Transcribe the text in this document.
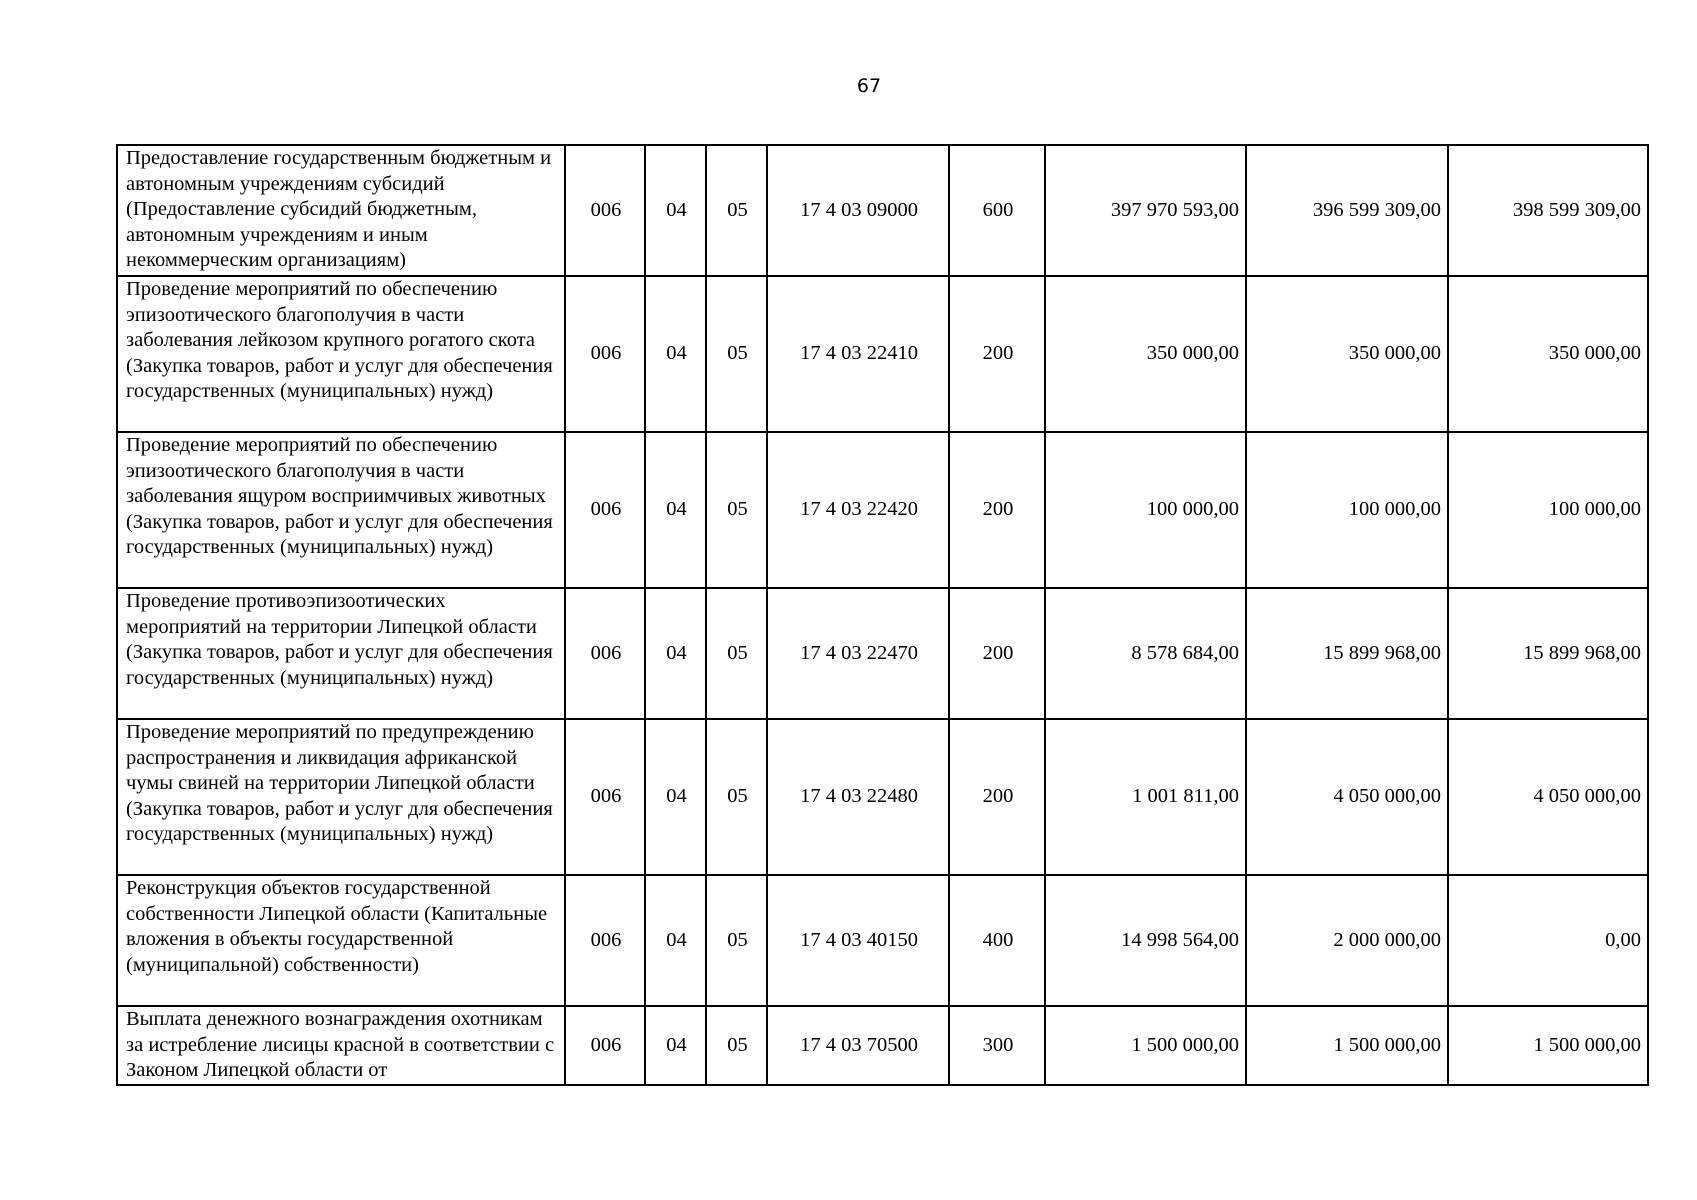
67
Предоставление государственным бюджетным и автономным учреждениям субсидий (Предоставление субсидий бюджетным, автономным учреждениям и иным некоммерческим организациям)	006	04	05	17 4 03 09000	600	397 970 593,00	396 599 309,00	398 599 309,00
Проведение мероприятий по обеспечению эпизоотического благополучия в части заболевания лейкозом крупного рогатого скота (Закупка товаров, работ и услуг для обеспечения государственных (муниципальных) нужд)	006	04	05	17 4 03 22410	200	350 000,00	350 000,00	350 000,00
Проведение мероприятий по обеспечению эпизоотического благополучия в части заболевания ящуром восприимчивых животных (Закупка товаров, работ и услуг для обеспечения государственных (муниципальных) нужд)	006	04	05	17 4 03 22420	200	100 000,00	100 000,00	100 000,00
Проведение противоэпизоотических мероприятий на территории Липецкой области (Закупка товаров, работ и услуг для обеспечения государственных (муниципальных) нужд)	006	04	05	17 4 03 22470	200	8 578 684,00	15 899 968,00	15 899 968,00
Проведение мероприятий по предупреждению распространения и ликвидация африканской чумы свиней на территории Липецкой области (Закупка товаров, работ и услуг для обеспечения государственных (муниципальных) нужд)	006	04	05	17 4 03 22480	200	1 001 811,00	4 050 000,00	4 050 000,00
Реконструкция объектов государственной собственности Липецкой области (Капитальные вложения в объекты государственной (муниципальной) собственности)	006	04	05	17 4 03 40150	400	14 998 564,00	2 000 000,00	0,00
Выплата денежного вознаграждения охотникам за истребление лисицы красной в соответствии с Законом Липецкой области от	006	04	05	17 4 03 70500	300	1 500 000,00	1 500 000,00	1 500 000,00
